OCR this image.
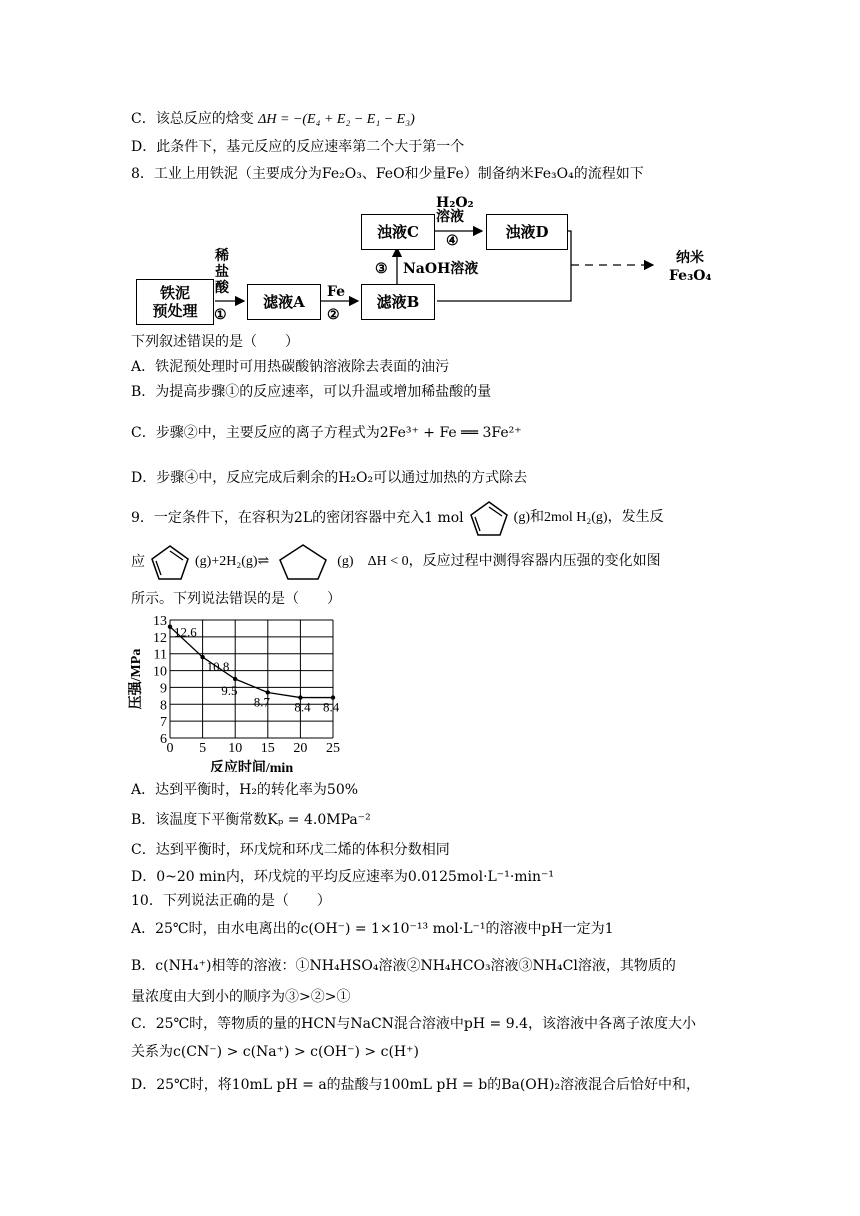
C．该总反应的焓变 ΔH = −(E₄ + E₂ − E₁ − E₃)
D．此条件下，基元反应的反应速率第二个大于第一个
8．工业上用铁泥（主要成分为Fe₂O₃、FeO和少量Fe）制备纳米Fe₃O₄的流程如下
铁泥
预处理	滤液A	滤液B
浊液C	浊液D
稀
盐
酸
①
Fe
②
③ NaOH溶液
H₂O₂
溶液
④
纳米
Fe₃O₄
下列叙述错误的是（　　）
A．铁泥预处理时可用热碳酸钠溶液除去表面的油污
B．为提高步骤①的反应速率，可以升温或增加稀盐酸的量
C．步骤②中，主要反应的离子方程式为2Fe³⁺ + Fe ══ 3Fe²⁺
D．步骤④中，反应完成后剩余的H₂O₂可以通过加热的方式除去
9．一定条件下，在容积为2L的密闭容器中充入1 mol	(g)和2mol H₂(g)，发生反
应	(g)+2H₂(g)⇌	(g)　ΔH < 0，反应过程中测得容器内压强的变化如图
所示。下列说法错误的是（　　）
0 5 10 15 20 25
6
7
8
9
10
11
12
13
反应时间/min
压强/MPa
12.6
10.8
9.5
8.7 8.4 8.4
A．达到平衡时，H₂的转化率为50%
B．该温度下平衡常数Kₚ = 4.0MPa⁻²
C．达到平衡时，环戊烷和环戊二烯的体积分数相同
D．0~20 min内，环戊烷的平均反应速率为0.0125mol·L⁻¹·min⁻¹
10．下列说法正确的是（　　）
A．25℃时，由水电离出的c(OH⁻) = 1×10⁻¹³ mol·L⁻¹的溶液中pH一定为1
B．c(NH₄⁺)相等的溶液：①NH₄HSO₄溶液②NH₄HCO₃溶液③NH₄Cl溶液，其物质的
量浓度由大到小的顺序为③>②>①
C．25℃时，等物质的量的HCN与NaCN混合溶液中pH = 9.4，该溶液中各离子浓度大小
关系为c(CN⁻) > c(Na⁺) > c(OH⁻) > c(H⁺)
D．25℃时，将10mL pH = a的盐酸与100mL pH = b的Ba(OH)₂溶液混合后恰好中和，
